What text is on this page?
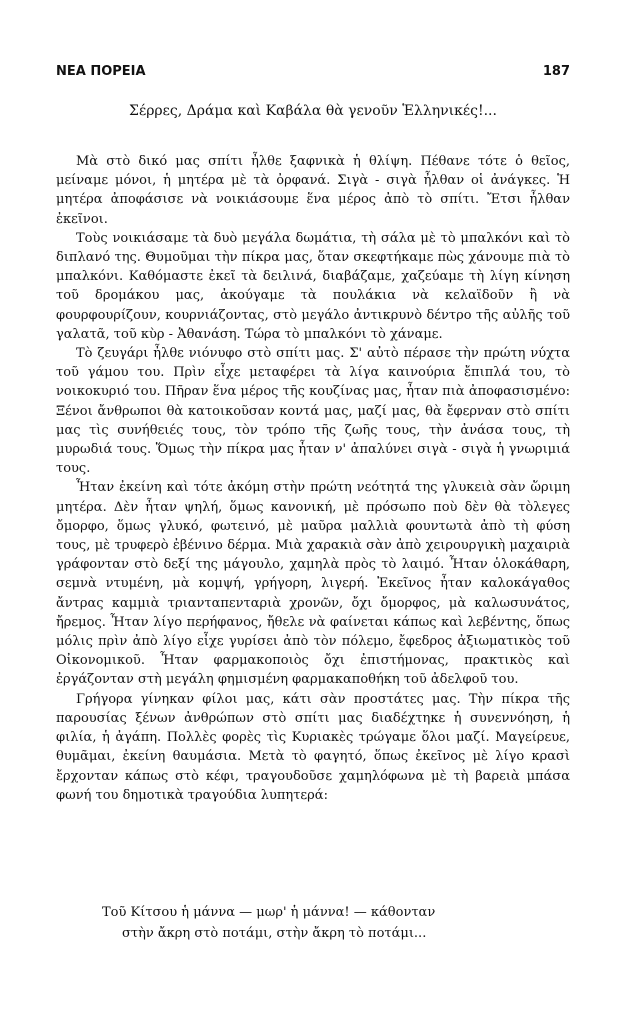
ΝΕΑ ΠΟΡΕΙΑ	187
Σέρρες, Δράμα καὶ Καβάλα θὰ γενοῦν Ἑλληνικές!...

Μὰ στὸ δικό μας σπίτι ἦλθε ξαφνικὰ ἡ θλίψη. Πέθανε τότε ὁ θεῖος, μείναμε μόνοι, ἡ μητέρα μὲ τὰ ὀρφανά. Σιγὰ - σιγὰ ἦλθαν οἱ ἀνάγκες. Ἡ μητέρα ἀποφάσισε νὰ νοικιάσουμε ἕνα μέρος ἀπὸ τὸ σπίτι. Ἔτσι ἦλθαν ἐκεῖνοι.

Τοὺς νοικιάσαμε τὰ δυὸ μεγάλα δωμάτια, τὴ σάλα μὲ τὸ μπαλκόνι καὶ τὸ διπλανό της. Θυμοῦμαι τὴν πίκρα μας, ὅταν σκεφτήκαμε πὼς χάνουμε πιὰ τὸ μπαλκόνι. Καθόμαστε ἐκεῖ τὰ δειλινά, διαβάζαμε, χαζεύαμε τὴ λίγη κίνηση τοῦ δρομάκου μας, ἀκούγαμε τὰ πουλάκια νὰ κελαϊδοῦν ἢ νὰ φουρφουρίζουν, κουρνιάζοντας, στὸ μεγάλο ἀντικρυνὸ δέντρο τῆς αὐλῆς τοῦ γαλατᾶ, τοῦ κὺρ - Ἀθανάση. Τώρα τὸ μπαλκόνι τὸ χάναμε.

Τὸ ζευγάρι ἦλθε νιόνυφο στὸ σπίτι μας. Σ' αὐτὸ πέρασε τὴν πρώτη νύχτα τοῦ γάμου του. Πρὶν εἶχε μεταφέρει τὰ λίγα καινούρια ἔπιπλά του, τὸ νοικοκυριό του. Πῆραν ἕνα μέρος τῆς κουζίνας μας, ἦταν πιὰ ἀποφασισμένο: Ξένοι ἄνθρωποι θὰ κατοικοῦσαν κοντά μας, μαζί μας, θὰ ἔφερναν στὸ σπίτι μας τὶς συνήθειές τους, τὸν τρόπο τῆς ζωῆς τους, τὴν ἀνάσα τους, τὴ μυρωδιά τους. Ὅμως τὴν πίκρα μας ἦταν ν' ἀπαλύνει σιγὰ - σιγὰ ἡ γνωριμιά τους.

Ἦταν ἐκείνη καὶ τότε ἀκόμη στὴν πρώτη νεότητά της γλυκειὰ σὰν ὥριμη μητέρα. Δὲν ἦταν ψηλή, ὅμως κανονική, μὲ πρόσωπο ποὺ δὲν θὰ τὸλεγες ὄμορφο, ὅμως γλυκό, φωτεινό, μὲ μαῦρα μαλλιὰ φουντωτὰ ἀπὸ τὴ φύση τους, μὲ τρυφερὸ ἐβένινο δέρμα. Μιὰ χαρακιὰ σὰν ἀπὸ χειρουργικὴ μαχαιριὰ γράφονταν στὸ δεξί της μάγουλο, χαμηλὰ πρὸς τὸ λαιμό. Ἦταν ὁλοκάθαρη, σεμνὰ ντυμένη, μὰ κομψή, γρήγορη, λιγερή. Ἐκεῖνος ἦταν καλοκάγαθος ἄντρας καμμιὰ τριανταπενταριὰ χρονῶν, ὄχι ὄμορφος, μὰ καλωσυνάτος, ἤρεμος. Ἦταν λίγο περήφανος, ἤθελε νὰ φαίνεται κάπως καὶ λεβέντης, ὅπως μόλις πρὶν ἀπὸ λίγο εἶχε γυρίσει ἀπὸ τὸν πόλεμο, ἔφεδρος ἀξιωματικὸς τοῦ Οἰκονομικοῦ. Ἦταν φαρμακοποιὸς ὄχι ἐπιστήμονας, πρακτικὸς καὶ ἐργάζονταν στὴ μεγάλη φημισμένη φαρμακαποθήκη τοῦ ἀδελφοῦ του.

Γρήγορα γίνηκαν φίλοι μας, κάτι σὰν προστάτες μας. Τὴν πίκρα τῆς παρουσίας ξένων ἀνθρώπων στὸ σπίτι μας διαδέχτηκε ἡ συνεννόηση, ἡ φιλία, ἡ ἀγάπη. Πολλὲς φορὲς τὶς Κυριακὲς τρώγαμε ὅλοι μαζί. Μαγείρευε, θυμᾶμαι, ἐκείνη θαυμάσια. Μετὰ τὸ φαγητό, ὅπως ἐκεῖνος μὲ λίγο κρασὶ ἔρχονταν κάπως στὸ κέφι, τραγουδοῦσε χαμηλόφωνα μὲ τὴ βαρειὰ μπάσα φωνή του δημοτικὰ τραγούδια λυπητερά:

Τοῦ Κίτσου ἡ μάννα — μωρ' ἡ μάννα! — κάθονταν
στὴν ἄκρη στὸ ποτάμι, στὴν ἄκρη τὸ ποτάμι...
